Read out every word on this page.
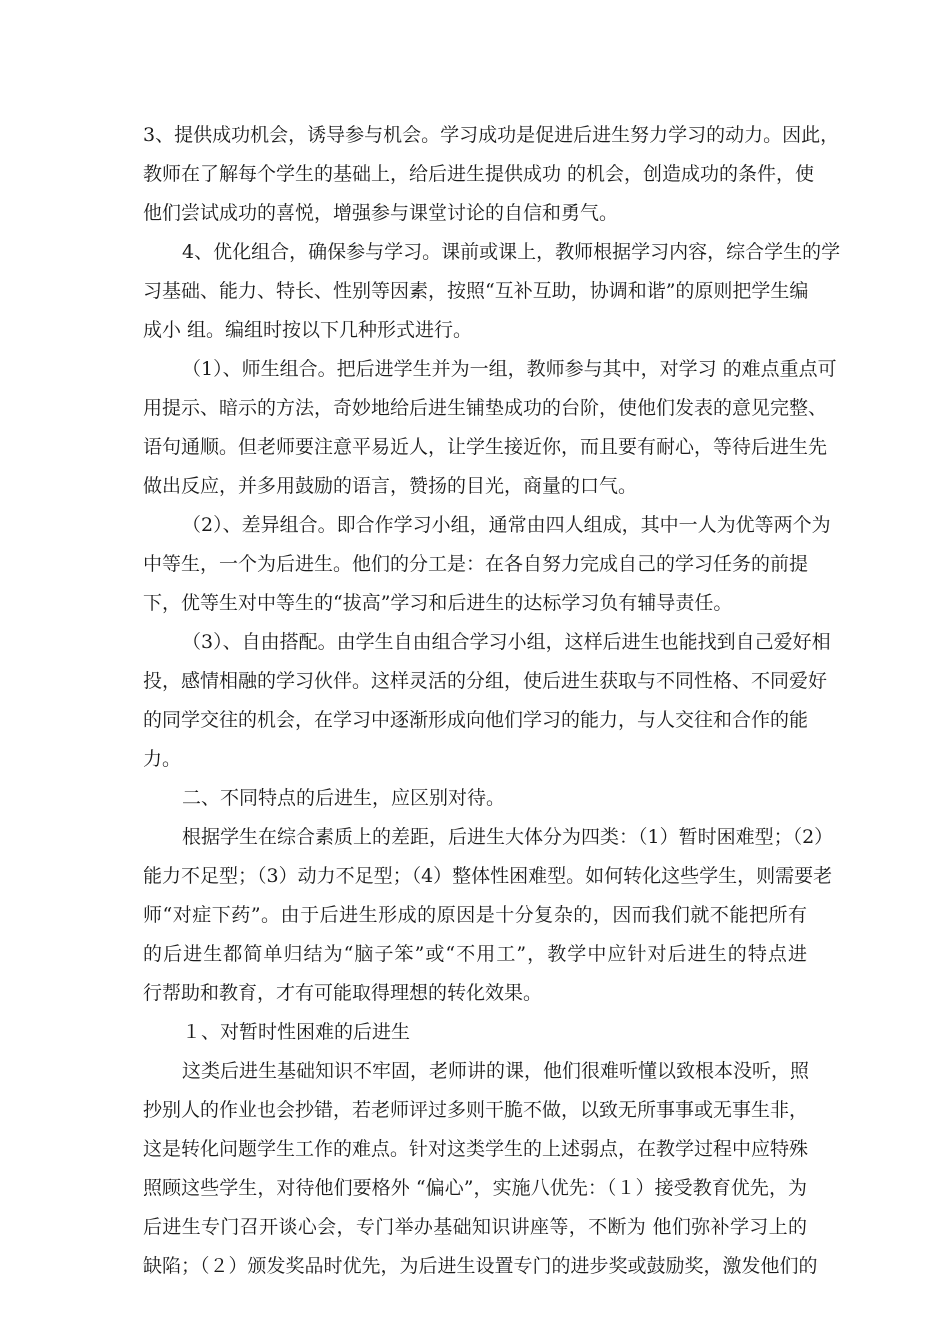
3、提供成功机会，诱导参与机会。学习成功是促进后进生努力学习的动力。因此，
教师在了解每个学生的基础上，给后进生提供成功 的机会，创造成功的条件，使
他们尝试成功的喜悦，增强参与课堂讨论的自信和勇气。
4、优化组合，确保参与学习。课前或课上，教师根据学习内容，综合学生的学
习基础、能力、特长、性别等因素，按照“互补互助，协调和谐”的原则把学生编
成小 组。编组时按以下几种形式进行。
（1）、师生组合。把后进学生并为一组，教师参与其中，对学习 的难点重点可
用提示、暗示的方法，奇妙地给后进生铺垫成功的台阶，使他们发表的意见完整、
语句通顺。但老师要注意平易近人，让学生接近你，而且要有耐心，等待后进生先
做出反应，并多用鼓励的语言，赞扬的目光，商量的口气。
（2）、差异组合。即合作学习小组，通常由四人组成，其中一人为优等两个为
中等生，一个为后进生。他们的分工是：在各自努力完成自己的学习任务的前提
下，优等生对中等生的“拔高”学习和后进生的达标学习负有辅导责任。
（3）、自由搭配。由学生自由组合学习小组，这样后进生也能找到自己爱好相
投，感情相融的学习伙伴。这样灵活的分组，使后进生获取与不同性格、不同爱好
的同学交往的机会，在学习中逐渐形成向他们学习的能力，与人交往和合作的能
力。
二、不同特点的后进生，应区别对待。
根据学生在综合素质上的差距，后进生大体分为四类：（1）暂时困难型；（2）
能力不足型；（3）动力不足型；（4）整体性困难型。如何转化这些学生，则需要老
师“对症下药”。由于后进生形成的原因是十分复杂的，因而我们就不能把所有
的后进生都简单归结为“脑子笨”或“不用工”，教学中应针对后进生的特点进
行帮助和教育，才有可能取得理想的转化效果。
１、对暂时性困难的后进生
这类后进生基础知识不牢固，老师讲的课，他们很难听懂以致根本没听，照
抄别人的作业也会抄错，若老师评过多则干脆不做，以致无所事事或无事生非，
这是转化问题学生工作的难点。针对这类学生的上述弱点，在教学过程中应特殊
照顾这些学生，对待他们要格外 “偏心”，实施八优先：（１）接受教育优先，为
后进生专门召开谈心会，专门举办基础知识讲座等，不断为 他们弥补学习上的
缺陷；（２）颁发奖品时优先，为后进生设置专门的进步奖或鼓励奖，激发他们的
